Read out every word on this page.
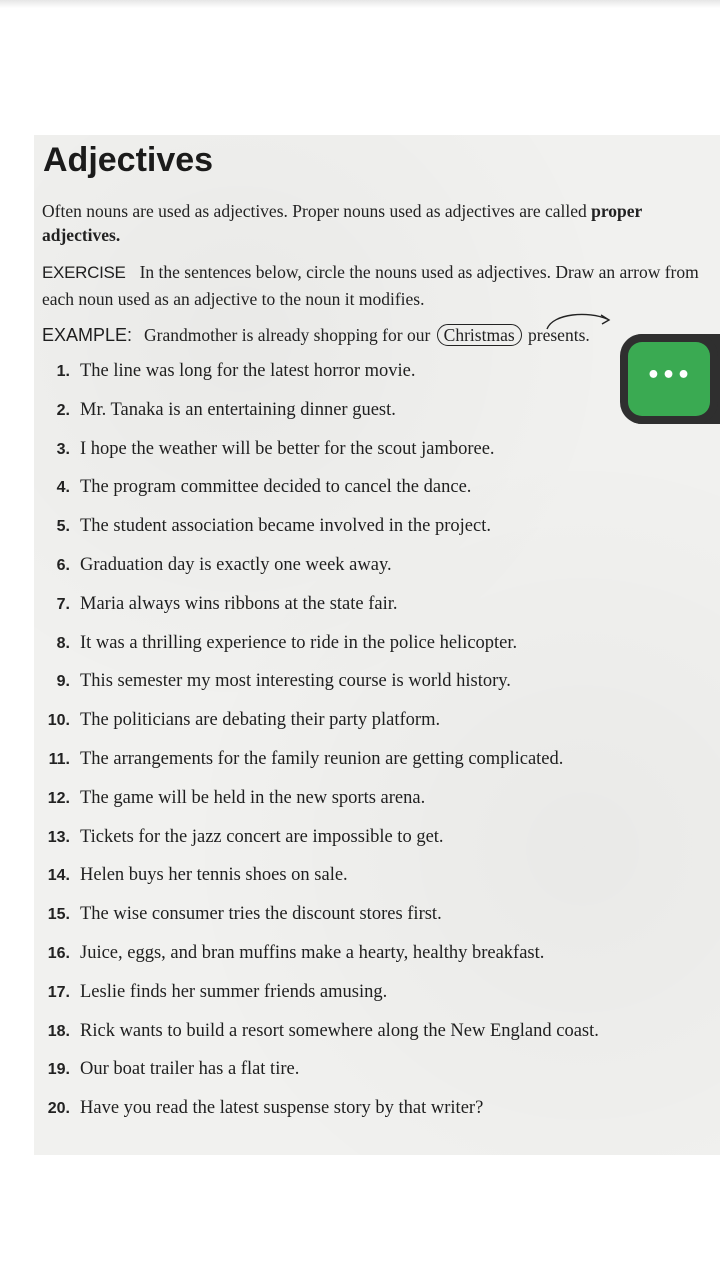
Adjectives

Often nouns are used as adjectives. Proper nouns used as adjectives are called proper adjectives.

EXERCISE In the sentences below, circle the nouns used as adjectives. Draw an arrow from each noun used as an adjective to the noun it modifies.

EXAMPLE: Grandmother is already shopping for our Christmas presents.
1. The line was long for the latest horror movie.
2. Mr. Tanaka is an entertaining dinner guest.
3. I hope the weather will be better for the scout jamboree.
4. The program committee decided to cancel the dance.
5. The student association became involved in the project.
6. Graduation day is exactly one week away.
7. Maria always wins ribbons at the state fair.
8. It was a thrilling experience to ride in the police helicopter.
9. This semester my most interesting course is world history.
10. The politicians are debating their party platform.
11. The arrangements for the family reunion are getting complicated.
12. The game will be held in the new sports arena.
13. Tickets for the jazz concert are impossible to get.
14. Helen buys her tennis shoes on sale.
15. The wise consumer tries the discount stores first.
16. Juice, eggs, and bran muffins make a hearty, healthy breakfast.
17. Leslie finds her summer friends amusing.
18. Rick wants to build a resort somewhere along the New England coast.
19. Our boat trailer has a flat tire.
20. Have you read the latest suspense story by that writer?
•••
